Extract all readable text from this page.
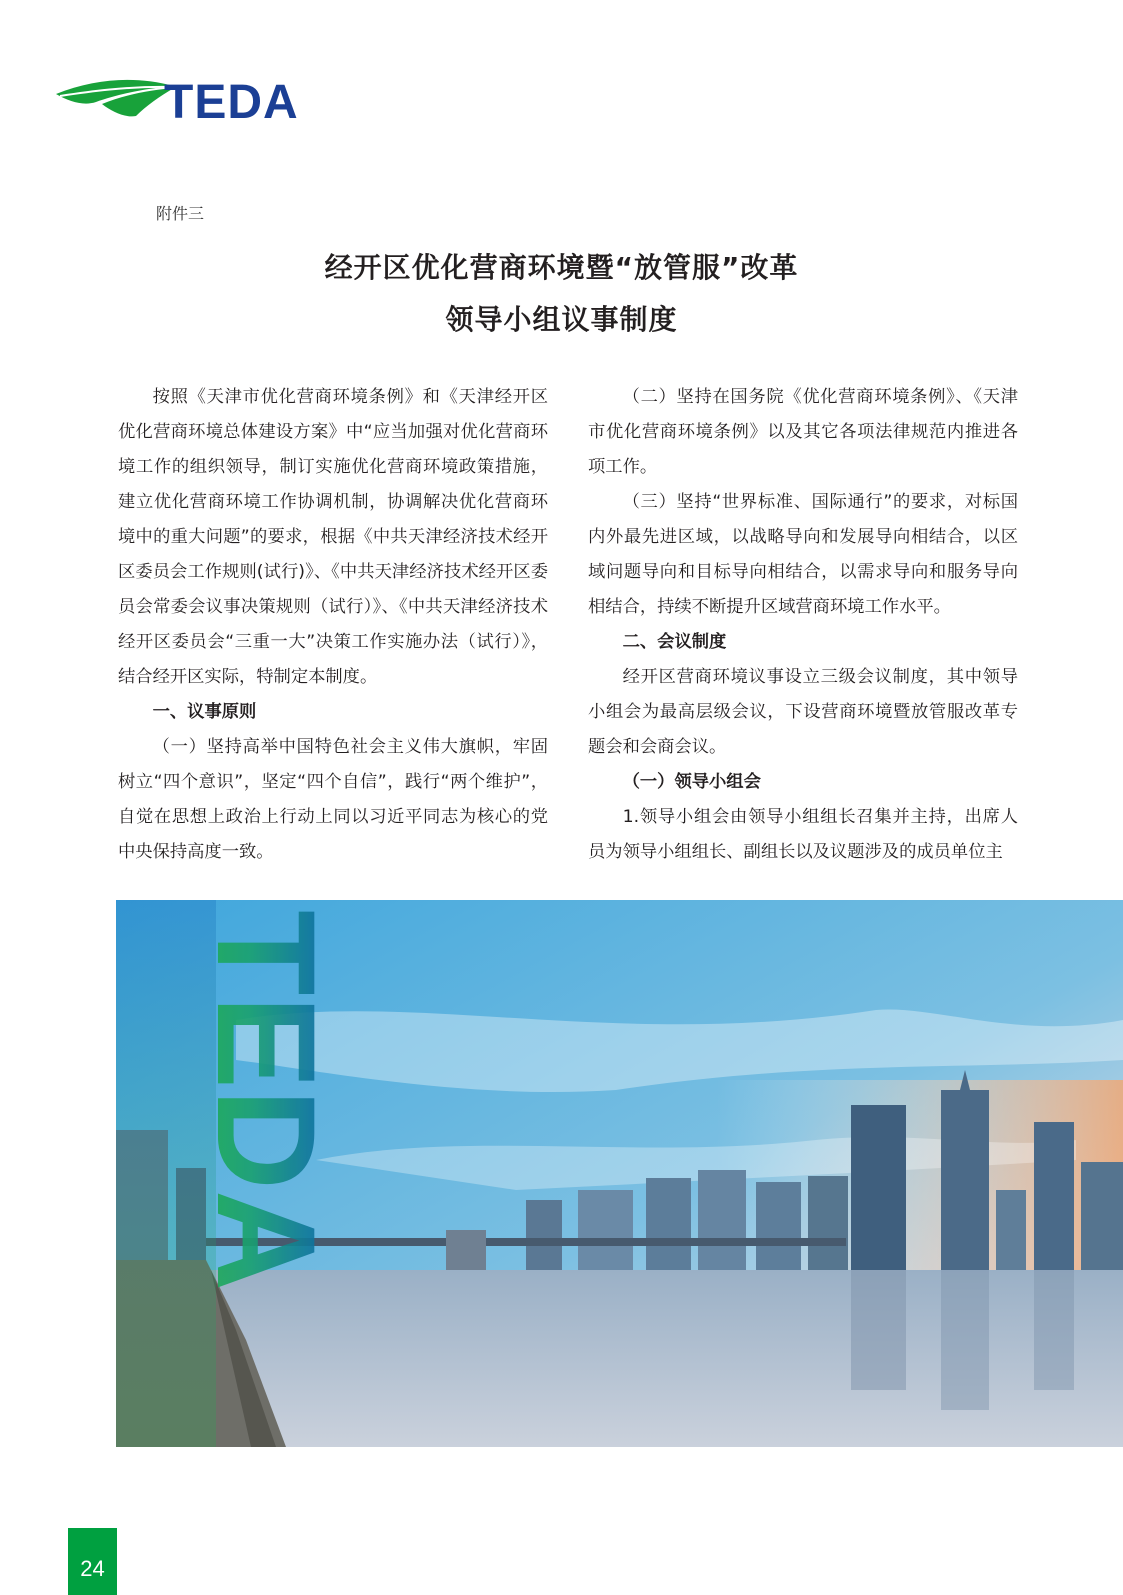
TEDA
附件三
经开区优化营商环境暨“放管服”改革
领导小组议事制度

按照《天津市优化营商环境条例》和《天津经开区优化营商环境总体建设方案》中“应当加强对优化营商环境工作的组织领导，制订实施优化营商环境政策措施，建立优化营商环境工作协调机制，协调解决优化营商环境中的重大问题”的要求，根据《中共天津经济技术经开区委员会工作规则(试行)》、《中共天津经济技术经开区委员会常委会议事决策规则（试行）》、《中共天津经济技术经开区委员会“三重一大”决策工作实施办法（试行）》，结合经开区实际，特制定本制度。

一、议事原则

（一）坚持高举中国特色社会主义伟大旗帜，牢固树立“四个意识”，坚定“四个自信”，践行“两个维护”，自觉在思想上政治上行动上同以习近平同志为核心的党中央保持高度一致。

（二）坚持在国务院《优化营商环境条例》、《天津市优化营商环境条例》以及其它各项法律规范内推进各项工作。

（三）坚持“世界标准、国际通行”的要求，对标国内外最先进区域，以战略导向和发展导向相结合，以区域问题导向和目标导向相结合，以需求导向和服务导向相结合，持续不断提升区域营商环境工作水平。

二、会议制度

经开区营商环境议事设立三级会议制度，其中领导小组会为最高层级会议，下设营商环境暨放管服改革专题会和会商会议。

（一）领导小组会

1.领导小组会由领导小组组长召集并主持，出席人员为领导小组组长、副组长以及议题涉及的成员单位主

TEDA
24
